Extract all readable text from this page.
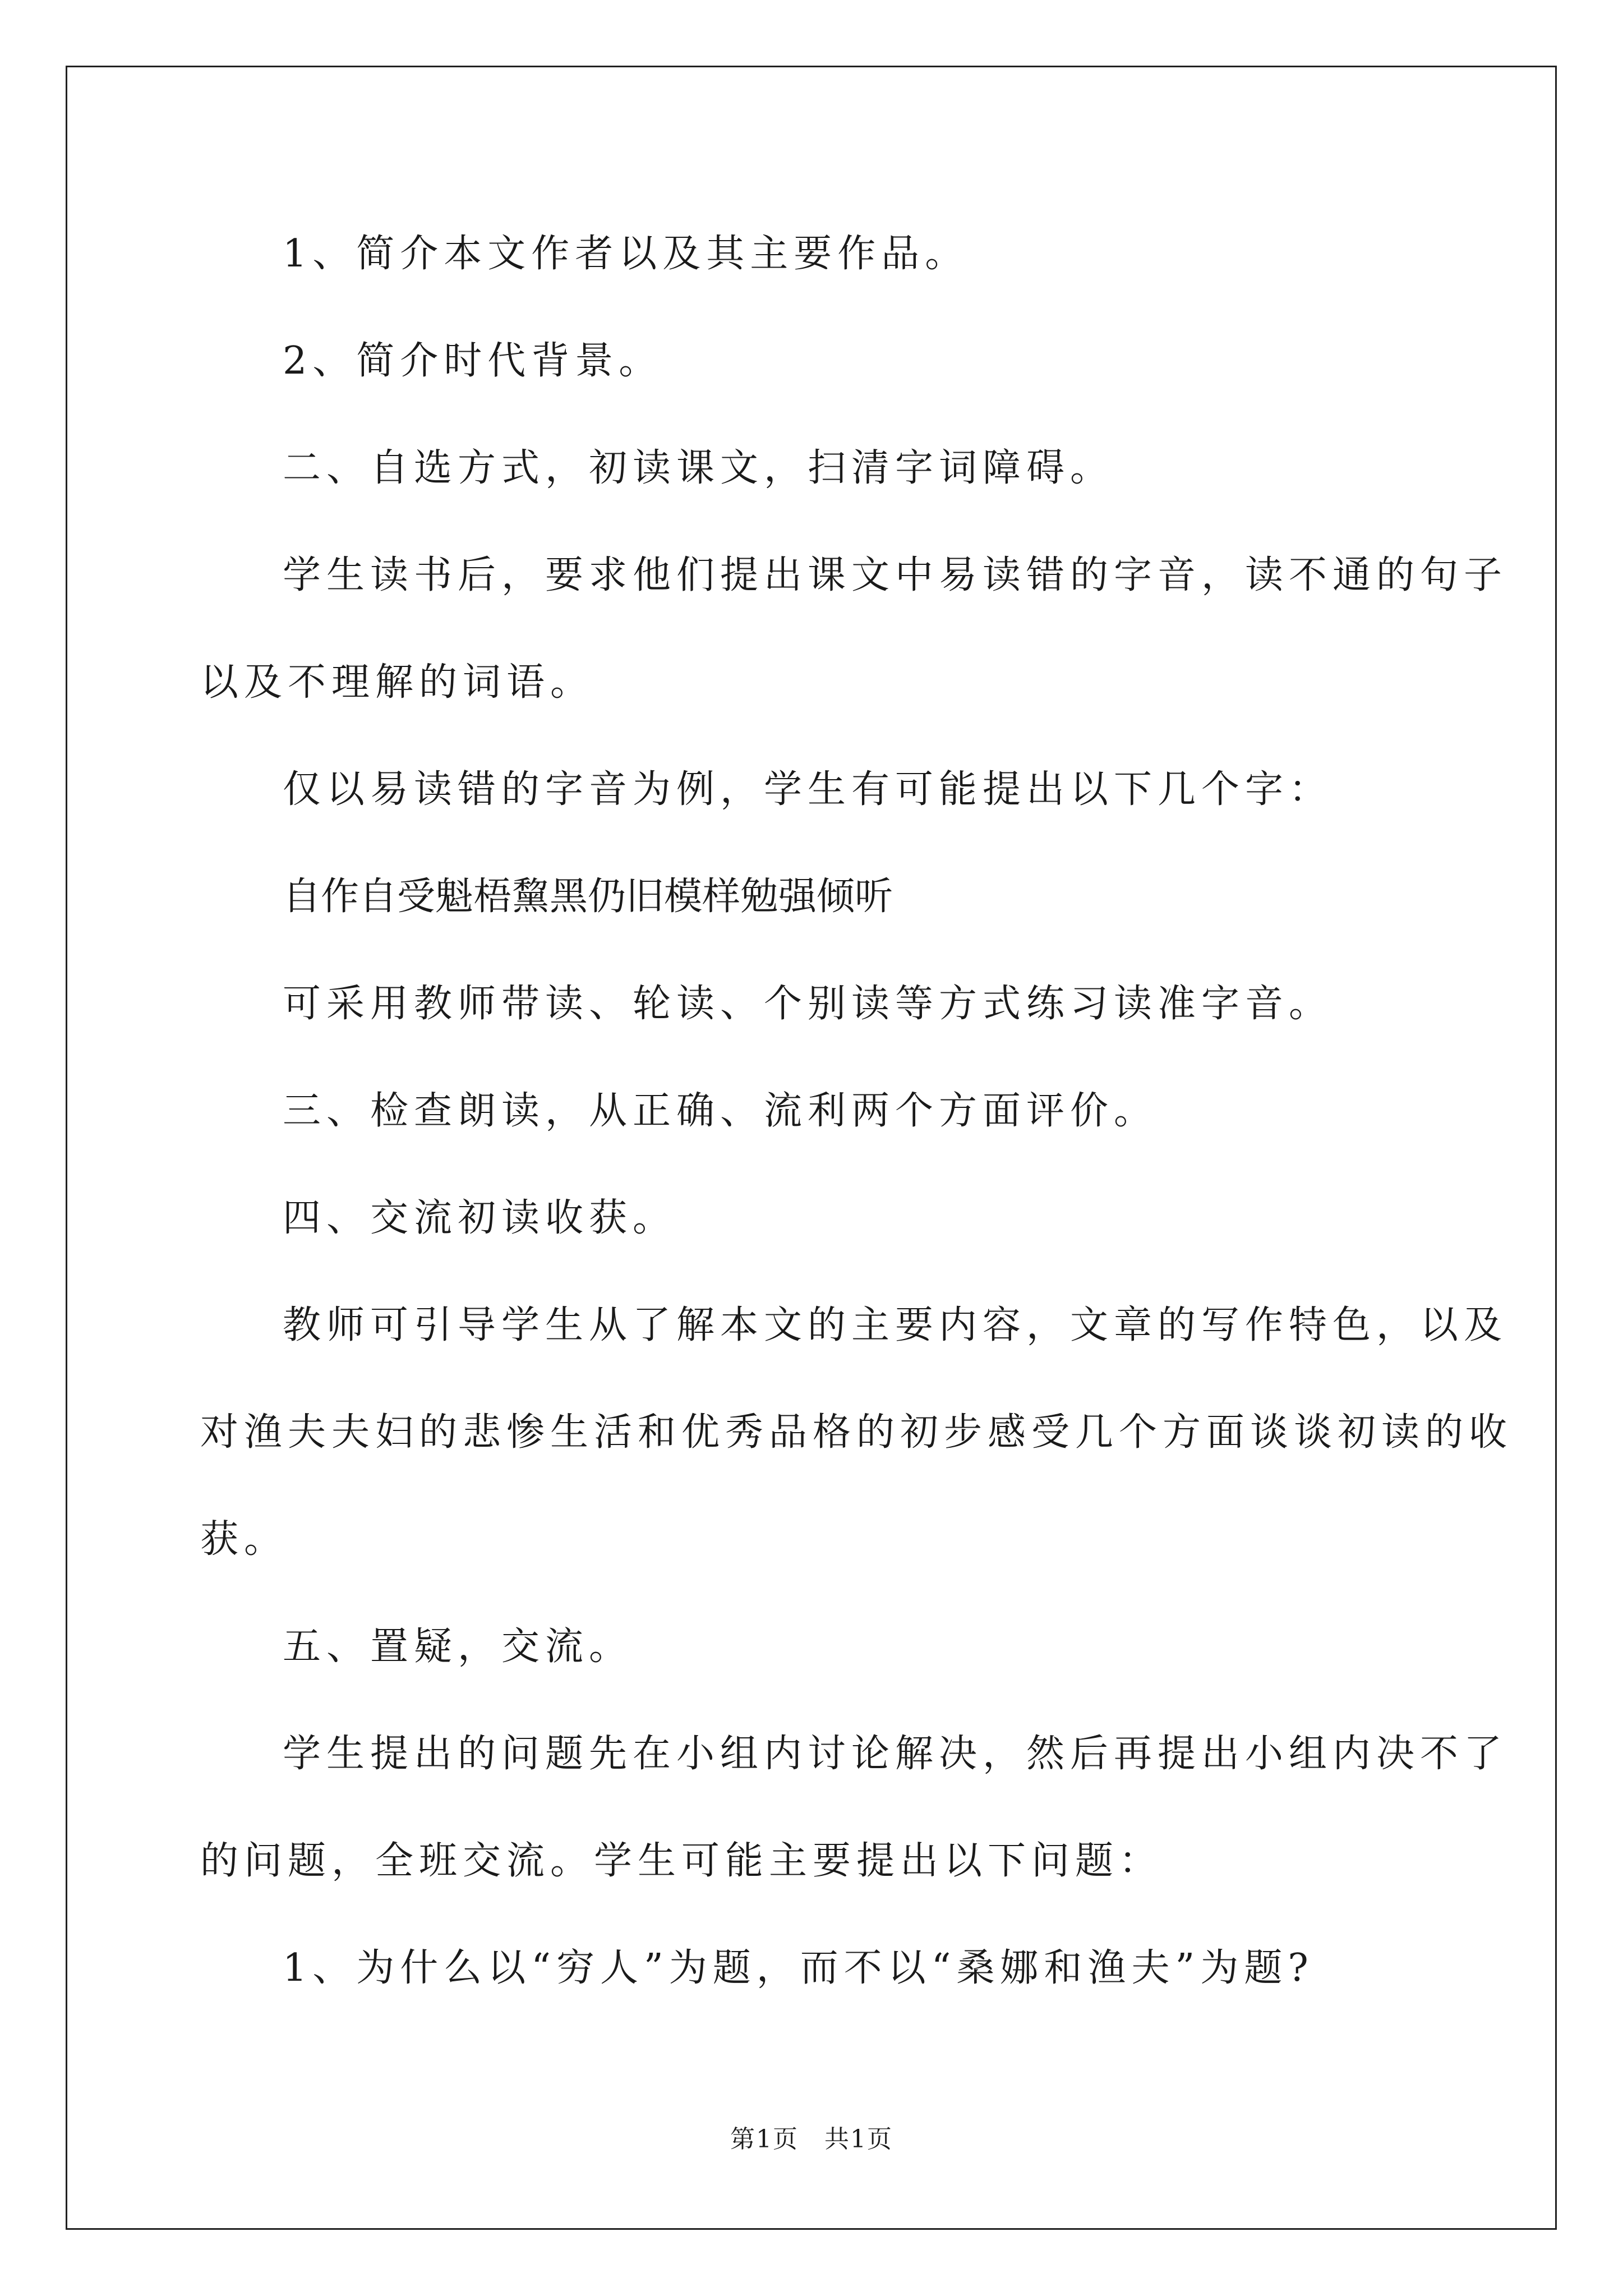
1、简介本文作者以及其主要作品。
2、简介时代背景。
二、自选方式，初读课文，扫清字词障碍。
学生读书后，要求他们提出课文中易读错的字音，读不通的句子
以及不理解的词语。
仅以易读错的字音为例，学生有可能提出以下几个字：
自作自受魁梧黧黑仍旧模样勉强倾听
可采用教师带读、轮读、个别读等方式练习读准字音。
三、检查朗读，从正确、流利两个方面评价。
四、交流初读收获。
教师可引导学生从了解本文的主要内容，文章的写作特色，以及
对渔夫夫妇的悲惨生活和优秀品格的初步感受几个方面谈谈初读的收
获。
五、置疑，交流。
学生提出的问题先在小组内讨论解决，然后再提出小组内决不了
的问题，全班交流。学生可能主要提出以下问题：
1、为什么以“穷人”为题，而不以“桑娜和渔夫”为题?
第1页　共1页
